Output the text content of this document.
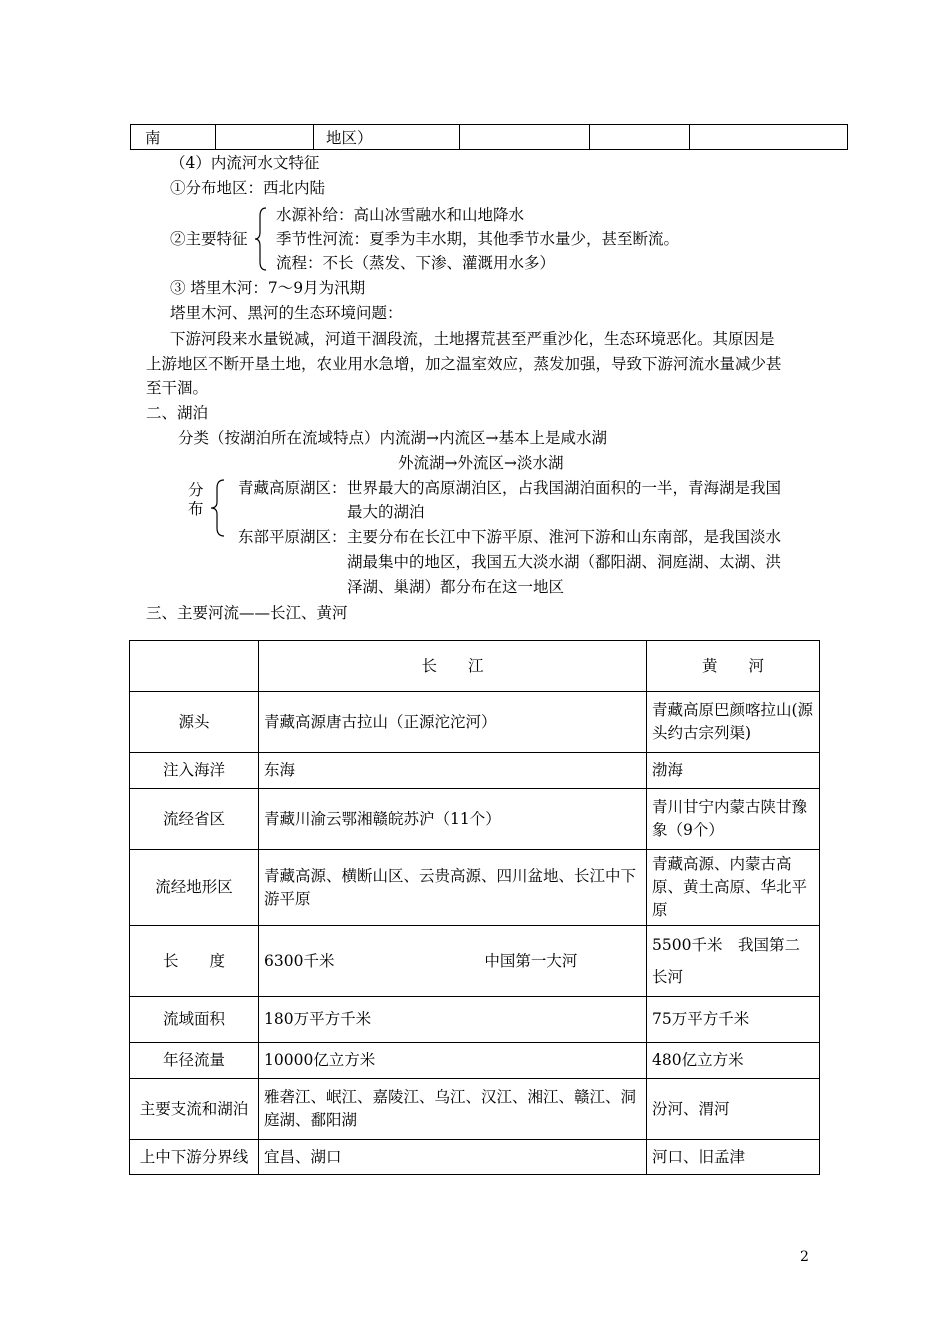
南	地区）
（4）内流河水文特征
①分布地区：西北内陆
②主要特征
水源补给：高山冰雪融水和山地降水
季节性河流：夏季为丰水期，其他季节水量少，甚至断流。
流程：不长（蒸发、下渗、灌溉用水多）
③ 塔里木河：7～9月为汛期
塔里木河、黑河的生态环境问题：
下游河段来水量锐减，河道干涸段流，土地撂荒甚至严重沙化，生态环境恶化。其原因是
上游地区不断开垦土地，农业用水急增，加之温室效应，蒸发加强，导致下游河流水量减少甚
至干涸。
二、湖泊
分类（按湖泊所在流域特点）内流湖→内流区→基本上是咸水湖
外流湖→外流区→淡水湖
分
布
青藏高原湖区： 世界最大的高原湖泊区，占我国湖泊面积的一半，青海湖是我国
最大的湖泊
东部平原湖区： 主要分布在长江中下游平原、淮河下游和山东南部，是我国淡水
湖最集中的地区，我国五大淡水湖（鄱阳湖、洞庭湖、太湖、洪
泽湖、巢湖）都分布在这一地区
三、主要河流——长江、黄河
	长　　江	黄　　河
源头	青藏高源唐古拉山（正源沱沱河）	青藏高原巴颜喀拉山(源头约古宗列渠)
注入海洋	东海	渤海
流经省区	青藏川渝云鄂湘赣皖苏沪（11个）	青川甘宁内蒙古陕甘豫象（9个）
流经地形区	青藏高源、横断山区、云贵高源、四川盆地、长江中下游平原	青藏高源、内蒙古高原、黄土高原、华北平原
长　　度	6300千米 中国第一大河	5500千米　我国第二长河
流域面积	180万平方千米	75万平方千米
年径流量	10000亿立方米	480亿立方米
主要支流和湖泊	雅砻江、岷江、嘉陵江、乌江、汉江、湘江、赣江、洞庭湖、鄱阳湖	汾河、渭河
上中下游分界线	宜昌、湖口	河口、旧孟津
2
